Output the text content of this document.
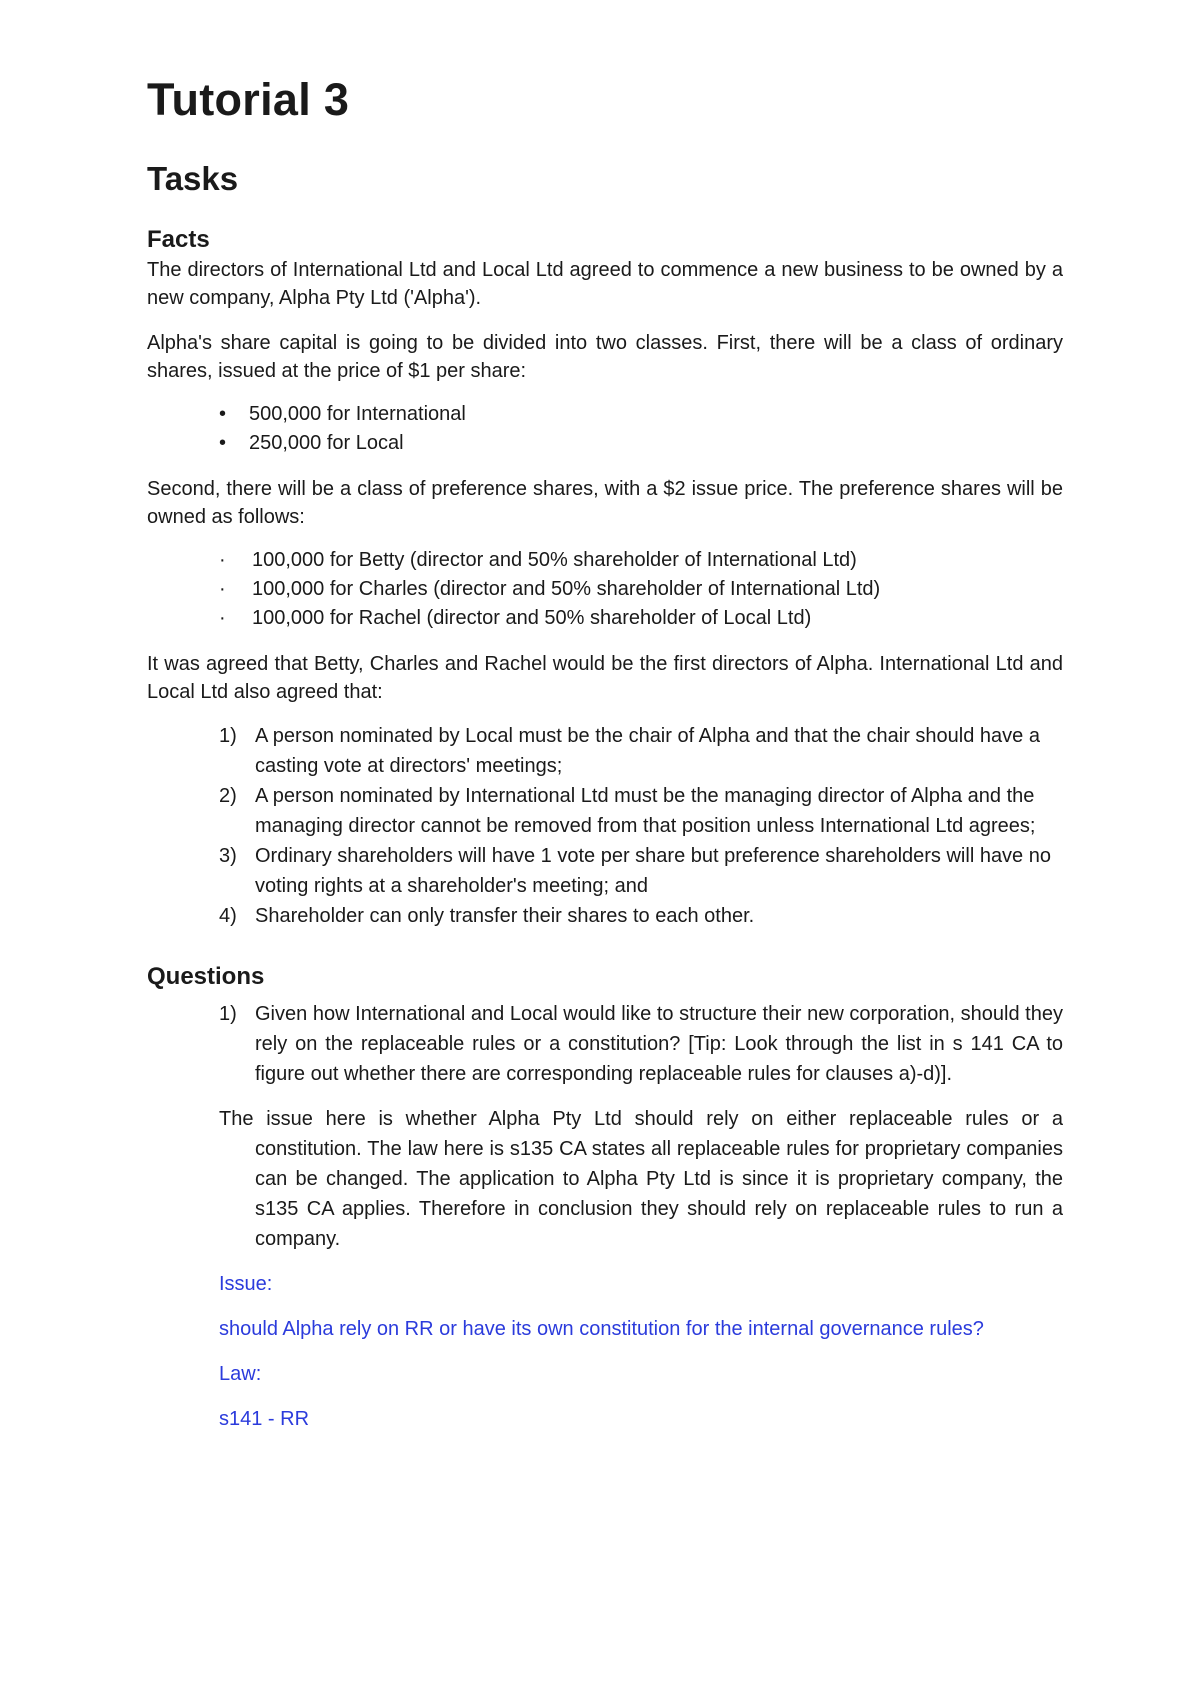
Tutorial 3
Tasks
Facts

The directors of International Ltd and Local Ltd agreed to commence a new business to be owned by a new company, Alpha Pty Ltd ('Alpha').

Alpha's share capital is going to be divided into two classes. First, there will be a class of ordinary shares, issued at the price of $1 per share:

• 500,000 for International
• 250,000 for Local

Second, there will be a class of preference shares, with a $2 issue price. The preference shares will be owned as follows:

· 100,000 for Betty (director and 50% shareholder of International Ltd)
· 100,000 for Charles (director and 50% shareholder of International Ltd)
· 100,000 for Rachel (director and 50% shareholder of Local Ltd)

It was agreed that Betty, Charles and Rachel would be the first directors of Alpha. International Ltd and Local Ltd also agreed that:

1) A person nominated by Local must be the chair of Alpha and that the chair should have a casting vote at directors' meetings;
2) A person nominated by International Ltd must be the managing director of Alpha and the managing director cannot be removed from that position unless International Ltd agrees;
3) Ordinary shareholders will have 1 vote per share but preference shareholders will have no voting rights at a shareholder's meeting; and
4) Shareholder can only transfer their shares to each other.
Questions
1) Given how International and Local would like to structure their new corporation, should they rely on the replaceable rules or a constitution? [Tip: Look through the list in s 141 CA to figure out whether there are corresponding replaceable rules for clauses a)-d)].

The issue here is whether Alpha Pty Ltd should rely on either replaceable rules or a constitution. The law here is s135 CA states all replaceable rules for proprietary companies can be changed. The application to Alpha Pty Ltd is since it is proprietary company, the s135 CA applies. Therefore in conclusion they should rely on replaceable rules to run a company.

Issue:

should Alpha rely on RR or have its own constitution for the internal governance rules?

Law:

s141 - RR
